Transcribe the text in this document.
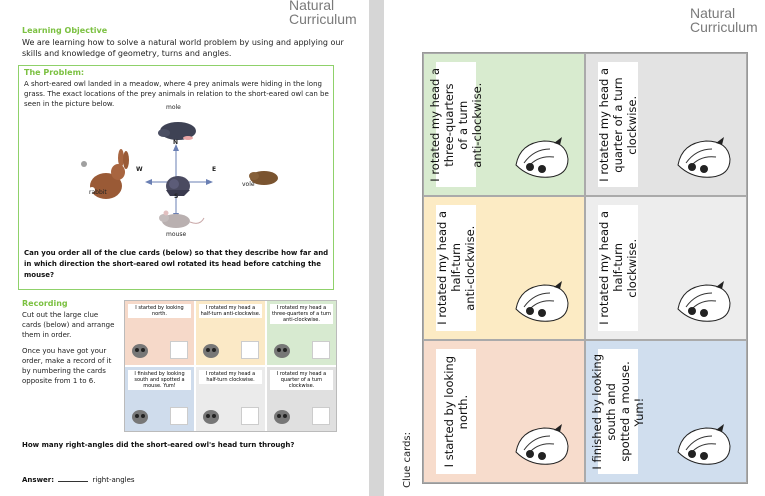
Natural
Curriculum
Learning Objective
We are learning how to solve a natural world problem by using and applying our skills and knowledge of geometry, turns and angles.
The Problem:
A short-eared owl landed in a meadow, where 4 prey animals were hiding in the long grass. The exact locations of the prey animals in relation to the short-eared owl can be seen in the picture below.	mole
rabbit
vole
mouse
N
S
W	E
Can you order all of the clue cards (below) so that they describe how far and in which direction the short-eared owl rotated its head before catching the mouse?
Recording
Cut out the large clue cards (below) and arrange them in order.
Once you have got your order, make a record of it by numbering the cards opposite from 1 to 6.
I started by looking north.
I rotated my head a half-turn anti-clockwise.
I rotated my head a three-quarters of a turn anti-clockwise.
I finished by looking south and spotted a mouse. Yum!
I rotated my head a half-turn clockwise.
I rotated my head a quarter of a turn clockwise.
How many right-angles did the short-eared owl's head turn through?
Answer:	right-angles
Natural
Curriculum
Clue cards:
I rotated my head a
three-quarters
of a turn
anti-clockwise.
I rotated my head a
quarter of a turn
clockwise.
I rotated my head a
half-turn
anti-clockwise.
I rotated my head a
half-turn
clockwise.
I started by looking
north.
I finished by looking
south and
spotted a mouse.
Yum!
